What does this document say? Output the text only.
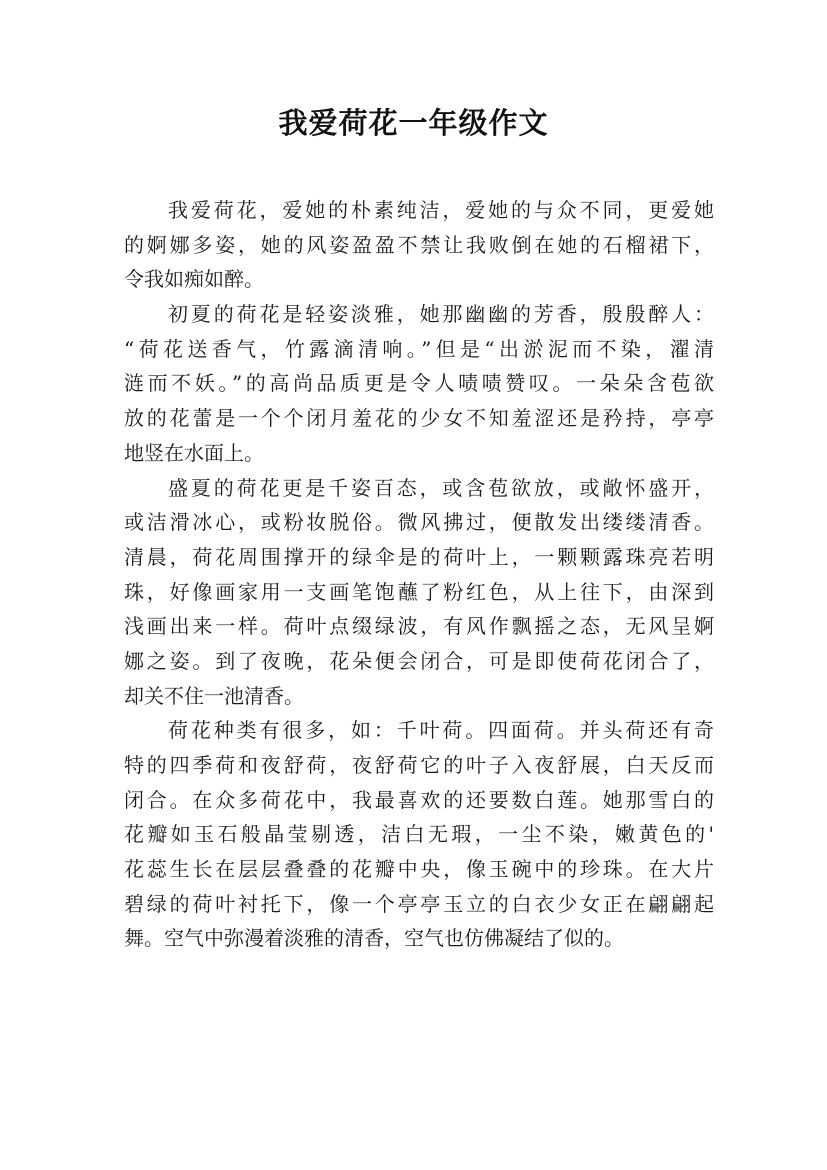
我爱荷花一年级作文

我爱荷花，爱她的朴素纯洁，爱她的与众不同，更爱她
的婀娜多姿，她的风姿盈盈不禁让我败倒在她的石榴裙下，
令我如痴如醉。

初夏的荷花是轻姿淡雅，她那幽幽的芳香，殷殷醉人：
“荷花送香气，竹露滴清响。”但是“出淤泥而不染，濯清
涟而不妖。”的高尚品质更是令人啧啧赞叹。一朵朵含苞欲
放的花蕾是一个个闭月羞花的少女不知羞涩还是矜持，亭亭
地竖在水面上。

盛夏的荷花更是千姿百态，或含苞欲放，或敞怀盛开，
或洁滑冰心，或粉妆脱俗。微风拂过，便散发出缕缕清香。
清晨，荷花周围撑开的绿伞是的荷叶上，一颗颗露珠亮若明
珠，好像画家用一支画笔饱蘸了粉红色，从上往下，由深到
浅画出来一样。荷叶点缀绿波，有风作飘摇之态，无风呈婀
娜之姿。到了夜晚，花朵便会闭合，可是即使荷花闭合了，
却关不住一池清香。

荷花种类有很多，如：千叶荷。四面荷。并头荷还有奇
特的四季荷和夜舒荷，夜舒荷它的叶子入夜舒展，白天反而
闭合。在众多荷花中，我最喜欢的还要数白莲。她那雪白的
花瓣如玉石般晶莹剔透，洁白无瑕，一尘不染，嫩黄色的'
花蕊生长在层层叠叠的花瓣中央，像玉碗中的珍珠。在大片
碧绿的荷叶衬托下，像一个亭亭玉立的白衣少女正在翩翩起
舞。空气中弥漫着淡雅的清香，空气也仿佛凝结了似的。
